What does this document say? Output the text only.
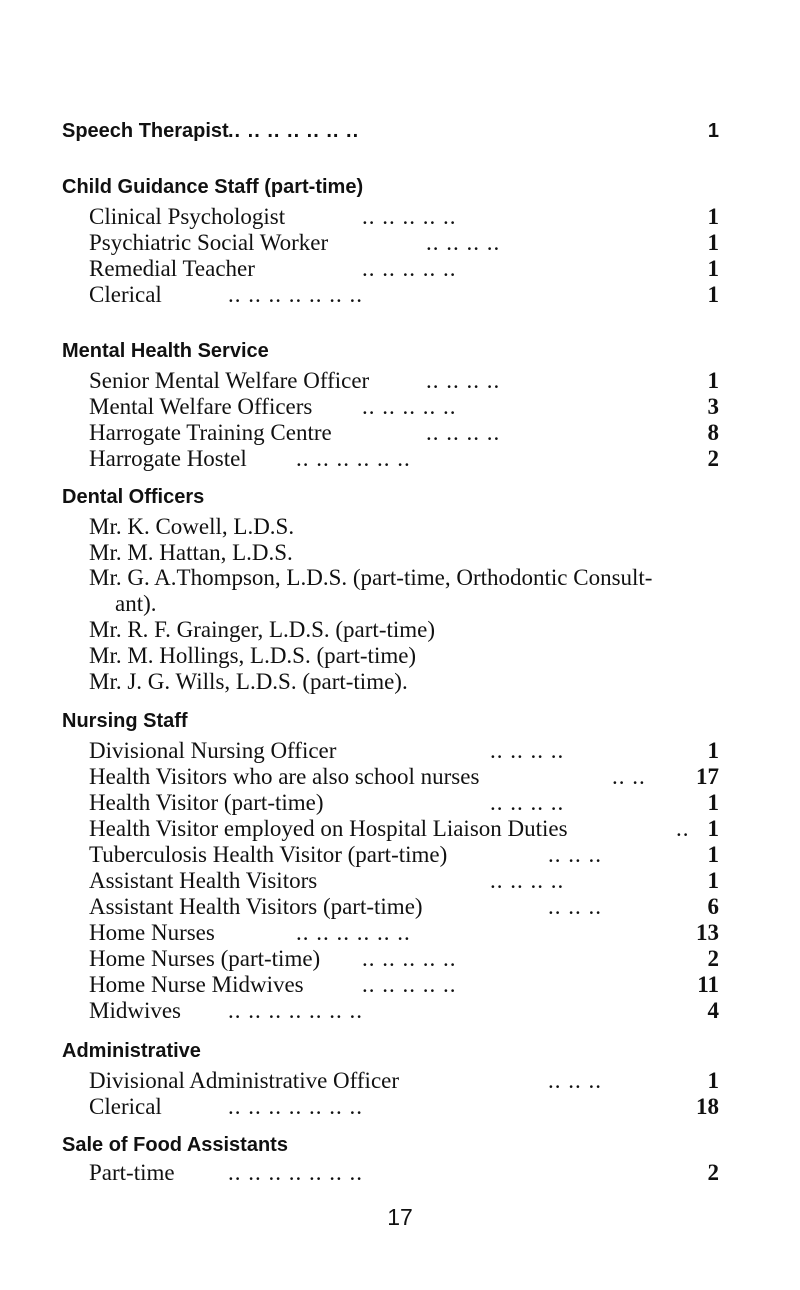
Speech Therapist .. .. .. .. .. .. ..	1
Child Guidance Staff (part-time)
Clinical Psychologist	.. .. .. .. ..	1
Psychiatric Social Worker	.. .. .. ..	1
Remedial Teacher	.. .. .. .. ..	1
Clerical	.. .. .. .. .. .. ..	1
Mental Health Service
Senior Mental Welfare Officer .. .. .. ..	1
Mental Welfare Officers .. .. .. .. ..	3
Harrogate Training Centre	.. .. .. ..	8
Harrogate Hostel .. .. .. .. .. ..	2
Dental Officers
Mr. K. Cowell, L.D.S.
Mr. M. Hattan, L.D.S.
Mr. G. A.Thompson, L.D.S. (part-time, Orthodontic Consult-
ant).
Mr. R. F. Grainger, L.D.S. (part-time)
Mr. M. Hollings, L.D.S. (part-time)
Mr. J. G. Wills, L.D.S. (part-time).
Nursing Staff
Divisional Nursing Officer	.. .. .. ..	1
Health Visitors who are also school nurses	.. .. 17
Health Visitor (part-time)	.. .. .. ..	1
Health Visitor employed on Hospital Liaison Duties	.. 1
Tuberculosis Health Visitor (part-time)	.. .. ..	1
Assistant Health Visitors	.. .. .. ..	1
Assistant Health Visitors (part-time)	.. .. ..	6
Home Nurses	.. .. .. .. .. ..	13
Home Nurses (part-time) .. .. .. .. ..	2
Home Nurse Midwives	.. .. .. .. ..	11
Midwives .. .. .. .. .. .. ..	4
Administrative
Divisional Administrative Officer	.. .. ..	1
Clerical	.. .. .. .. .. .. ..	18
Sale of Food Assistants
Part-time .. .. .. .. .. .. ..	2
17
